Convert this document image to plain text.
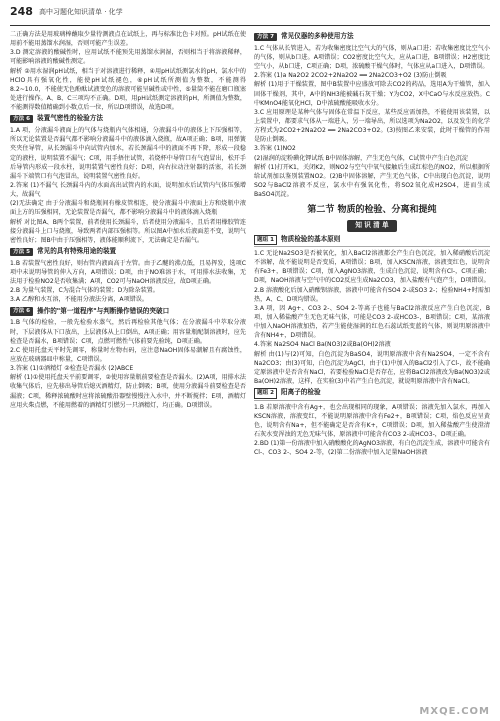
248 高中习题化知识清单 · 化学

二正确方法是用玻璃棒蘸取少量待测液点在试纸上，再与标准比色卡对照。pH试纸在使用前不能用蒸馏水润湿，否则可能产生误差。

3.D 测定溶液的酸碱性时，应用试纸不能预先用蒸馏水润湿，否则相当于将溶液稀释，可能影响溶液的酸碱性测定。

解析 ②用水湿润pH试纸，相当于对溶液进行稀释，④用pH试纸测氯水的pH，氯水中的HClO具有强氧化性，能使pH试纸褪色，⑥pH试纸所测值为整数，不能测得8.2~10.0，不能使无色酚酞试液变色的溶液可能呈碱性或中性，⑤量筒不能在磨口瓶塞处进行操作。A、B、C三项均不正确。D项，用pH试纸测定溶液的pH，所测值为整数，不能测得数值精确到小数点后一位，所以D项错误，故选D项。

方法 6	装置气密性的检验方法

1.A 项，分液漏斗液面上的气体与烧瓶内气体相通，分液漏斗中的液体上下压强相等，所以无论装置是否漏气都不影响分液漏斗中的液体滴入烧瓶，故A项正确；B项，用弹簧夹夹住导管，从长颈漏斗中向试管内加水，若长颈漏斗中的液面不再下降，形成一段稳定的液柱，说明装置不漏气；C项，用手捂住试管，若烧杯中导管口有气泡冒出，松开手后导管内形成一段水柱，说明装置气密性良好；D项，向右拉动注射器的活塞，若长颈漏斗下端管口有气泡冒出，说明装置气密性良好。

2.答案 (1)不漏气 长颈漏斗内的水面高出试管内的水面，说明加水后试管内气体压强增大，故漏气

(2)无法确定 由于分液漏斗和烧瓶间有橡皮管相连，使分液漏斗中液面上方和烧瓶中液面上方的压强相同，无论装置是否漏气，都不影响分液漏斗中的液体滴入烧瓶

解析 对比图A、B两个装置，前者使用长颈漏斗，后者使用分液漏斗，且后者用橡胶管连接分液漏斗上口与烧瓶，导致两者内部压强相等。所以图A中加水后液面差不变，说明气密性良好；图B中由于压强相等，液体能顺利流下，无法确定是否漏气。

方法 5	常见的具有特殊用途的装置

1.B 若装置气密性良好，则右管内液面高于左管。由于乙醚的沸点低，且易挥发，选项C项中未说明导管的伸入方向，A项错误；D项，由于NO难溶于水，可用排水法收集，无法用于检验NO2是否收集满；A项，CO2可与NaOH溶液反应，故D项正确。

2.B 为量气装置，C为混合气体的装置；D为除杂装置。

3.A 乙醇和水互溶，不能用分液法分离，A项错误。

方法 6	操作的"第一道程序"与判断操作错误的突破口

1.B 气体的检验，一般先检验水蒸气，然后再检验其他气体；在分液漏斗中萃取分液时，下层液体从下口放出，上层液体从上口倒出，A项正确；用容量瓶配制溶液时，应先检查是否漏水，B项错误；C项，点燃可燃性气体前要先验纯，D项正确。

2.C 使用托盘天平时先调零，称量时左物右码，应注意NaOH固体易潮解且有腐蚀性，应放在玻璃器皿中称量，C项错误。

3.答案 (1)①酒精灯 ②检查是否漏水 (2)ABCE

解析 (1)①使用托盘天平前要调零，②使用容量瓶前要检查是否漏水。(2)A项，用排水法收集气体后，应先移出导管后熄灭酒精灯，防止倒吸；B项，使用分液漏斗前要检查是否漏液；C项，稀释浓硫酸时应将浓硫酸沿器壁慢慢注入水中，并不断搅拌；E项，酒精灯应用火柴点燃，不能用燃着的酒精灯引燃另一只酒精灯，均正确。D项错误。

方法 7	常见仪器的多种使用方法

1.C 气体从长管进入，若为收集密度比空气大的气体，则从a口进；若收集密度比空气小的气体，则从b口进。A项错误；CO2密度比空气大，应从a口进，B项错误；H2密度比空气小，从b口进，C项正确；D项，浓硫酸干燥气体时，气体应从a口进入，D项错误。

2.答案 (1)a Na2O2 2CO2+2Na2O2 ══ 2Na2CO3+O2 (3)防止倒吸

解析 (1)用于干燥装置，图中B装置中应盛放可除去CO2的药品，选用A为干燥管，加入固体干燥剂，其中，A中的NH3能被碱石灰干燥；Y为CO2，X中CaO与水反应放热。C中KMnO4能氧化HCl，D中浓硫酸能吸收水分。

3.C 应用原理是某种气体与固体在常温下反应，某些反应需加热，不能使用该装置，以上装置中，都要求气体从一端进入，另一端导出，所以选项为Na2O2，以及发生的化学方程式为2CO2+2Na2O2 ══ 2Na2CO3+O2。(3)按图乙来安装，此时干燥管的作用是防止倒吸。

3.答案 (1)NO2

(2)湿润的淀粉碘化钾试纸 B中固体溶解，产生无色气体，C试管中产生白色沉淀

解析 (1)打开K1，关闭K2，则NO2与空气中氧气接触后生成红棕色的NO2，所以根据所给试剂加以鉴别装置NO2。(2)B中固体溶解，产生无色气体，C中出现白色沉淀，说明SO2与BaCl2溶液不反应，氯水中有强氧化性，将SO2氧化成H2SO4，进而生成BaSO4沉淀。

第二节 物质的检验、分离和提纯
知 识 清 单
题组 1	物质检验的基本原则

1.C 无论Na2SO3是否被氧化，加入BaCl2溶液都会产生白色沉淀，加入稀硝酸后沉淀不溶解，故不能说明是否变质，A项错误；B项，加入KSCN溶液，溶液变红色，说明含有Fe3+，B项错误；C项，加入AgNO3溶液，生成白色沉淀，说明含有Cl-，C项正确；D项，NaOH溶液与空气中的CO2反应生成Na2CO3，加入盐酸有气泡产生，D项错误。

2.B 溶液酸化后加入硝酸钡溶液，溶液中可能含有SO4 2-或SO3 2-；检验NH4+时需加热，A、C、D项均错误。

3.A 项，因 Ag+、CO3 2-、SO4 2-等离子也能与BaCl2溶液反应产生白色沉淀，B项，加入稀盐酸产生无色无味气体，可能是CO3 2-或HCO3-，B项错误；C项，某溶液中加入NaOH溶液加热，若产生能使湿润的红色石蕊试纸变蓝的气体，则说明原溶液中含有NH4+，D项错误。

4.答案 Na2SO4 NaCl Ba(NO3)2或Ba(OH)2溶液

解析 由(1)与(2)可知，白色沉淀为BaSO4，说明原溶液中含有Na2SO4，一定不含有Na2CO3；由(3)可知，白色沉淀为AgCl，由于(1)中加入的BaCl2引入了Cl-，故不能确定原溶液中是否含有NaCl，若要检验NaCl是否存在，应将BaCl2溶液改为Ba(NO3)2或Ba(OH)2溶液，这样，在实验(3)中若产生白色沉淀，就说明原溶液中含有NaCl。

题组 2	阳离子的检验

1.B 若原溶液中含有Ag+，也会出现相同的现象，A项错误；溶液先加入氯水，再加入KSCN溶液，溶液变红，不能说明原溶液中含有Fe2+，B项错误；C项，焰色反应呈黄色，说明含有Na+，但不能确定是否含有K+，C项错误；D项，加入稀盐酸产生使澄清石灰水变浑浊的无色无味气体，原溶液中可能含有CO3 2-或HCO3-，D项正确。

2.BD (1)第一份溶液中加入硝酸酸化的AgNO3溶液，有白色沉淀生成，溶液中可能含有Cl-、CO3 2-、SO4 2-等，(2)第二份溶液中加入足量NaOH溶液

MXQE.COM
